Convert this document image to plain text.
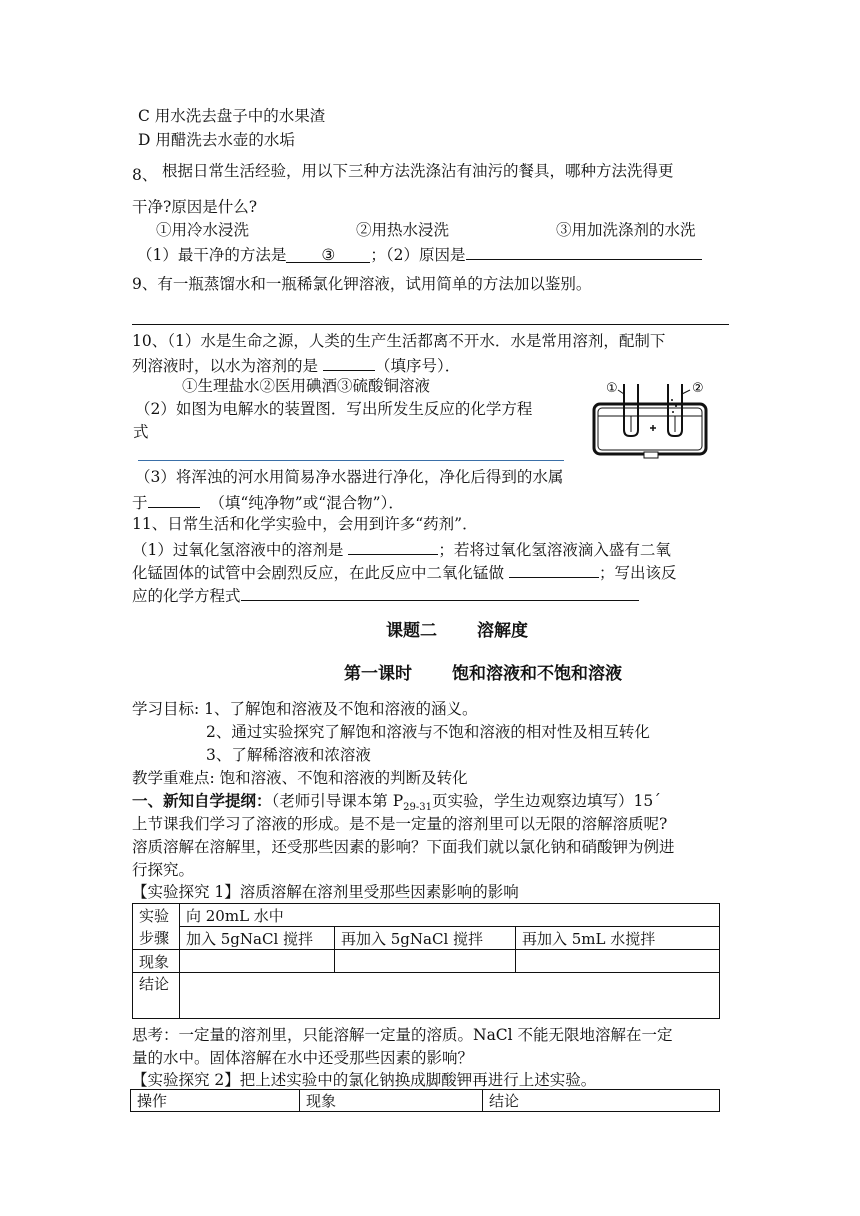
C 用水洗去盘子中的水果渣
D 用醋洗去水壶的水垢
8、 根据日常生活经验，用以下三种方法洗涤沾有油污的餐具，哪种方法洗得更
干净?原因是什么?
①用冷水浸洗	②用热水浸洗	③用加洗涤剂的水洗
（1）最干净的方法是 ③ ；（2）原因是
9、有一瓶蒸馏水和一瓶稀氯化钾溶液，试用简单的方法加以鉴别。
10、（1）水是生命之源，人类的生产生活都离不开水．水是常用溶剂，配制下
列溶液时，以水为溶剂的是	（填序号）．
①生理盐水②医用碘酒③硫酸铜溶液
（2）如图为电解水的装置图．写出所发生反应的化学方程
式
（3）将浑浊的河水用简易净水器进行净化，净化后得到的水属
于	（填“纯净物”或“混合物”）．
①	②
11、日常生活和化学实验中，会用到许多“药剂”．
（1）过氧化氢溶液中的溶剂是	；若将过氧化氢溶液滴入盛有二氧
化锰固体的试管中会剧烈反应，在此反应中二氧化锰做	；写出该反
应的化学方程式
课题二 溶解度
第一课时 饱和溶液和不饱和溶液
学习目标: 1、了解饱和溶液及不饱和溶液的涵义。
2、通过实验探究了解饱和溶液与不饱和溶液的相对性及相互转化
3、了解稀溶液和浓溶液
教学重难点: 饱和溶液、不饱和溶液的判断及转化
一、新知自学提纲：（老师引导课本第 $P_{29-31}$页实验，学生边观察边填写）15´
上节课我们学习了溶液的形成。是不是一定量的溶剂里可以无限的溶解溶质呢?
溶质溶解在溶解里，还受那些因素的影响？下面我们就以氯化钠和硝酸钾为例进
行探究。
【实验探究 1】溶质溶解在溶剂里受那些因素影响的影响
实验
步骤	向 20mL 水中		
	加入 5gNaCl 搅拌	再加入 5gNaCl 搅拌	再加入 5mL 水搅拌
现象			
结论			
思考：一定量的溶剂里，只能溶解一定量的溶质。NaCl 不能无限地溶解在一定
量的水中。固体溶解在水中还受那些因素的影响？
【实验探究 2】把上述实验中的氯化钠换成脚酸钾再进行上述实验。
操作	现象	结论
